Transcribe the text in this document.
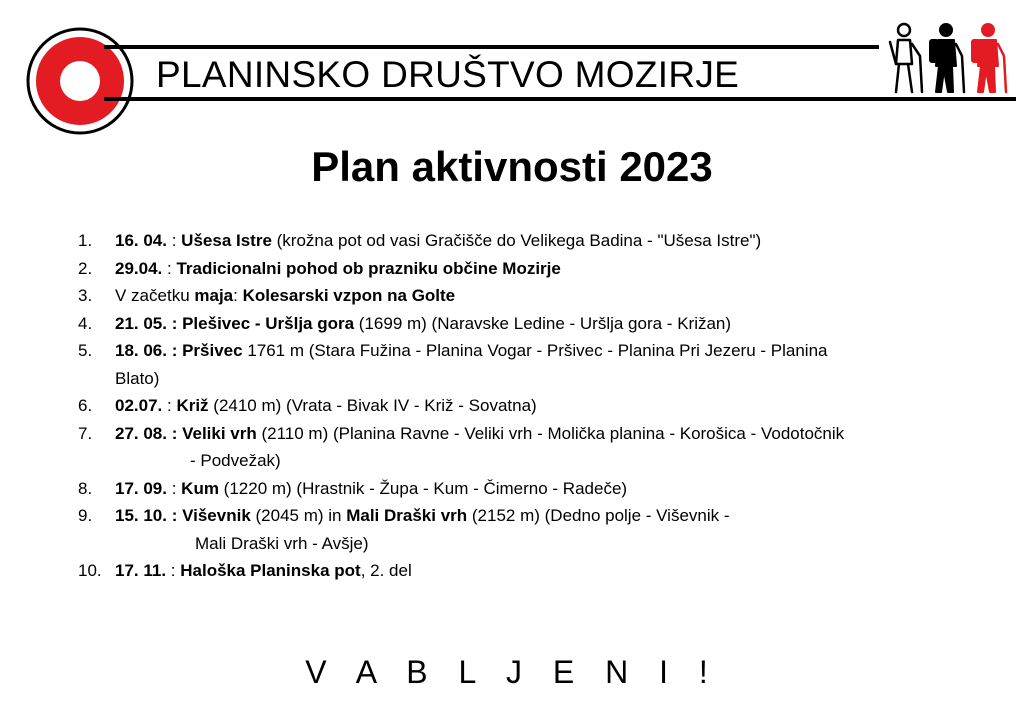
PLANINSKO DRUŠTVO MOZIRJE
Plan aktivnosti 2023
1. 16. 04. : Ušesa Istre (krožna pot od vasi Gračišče do Velikega Badina - "Ušesa Istre")
2. 29.04. : Tradicionalni pohod ob prazniku občine Mozirje
3. V začetku maja: Kolesarski vzpon na Golte
4. 21. 05. : Plešivec - Uršlja gora (1699 m) (Naravske Ledine - Uršlja gora - Križan)
5. 18. 06. : Pršivec 1761 m (Stara Fužina - Planina Vogar - Pršivec - Planina Pri Jezeru - Planina
Blato)
6. 02.07. : Križ (2410 m) (Vrata - Bivak IV - Križ - Sovatna)
7. 27. 08. : Veliki vrh (2110 m) (Planina Ravne - Veliki vrh - Molička planina - Korošica - Vodotočnik
- Podvežak)
8. 17. 09. : Kum (1220 m) (Hrastnik - Župa - Kum - Čimerno - Radeče)
9. 15. 10. : Viševnik (2045 m) in Mali Draški vrh (2152 m) (Dedno polje - Viševnik -
Mali Draški vrh - Avšje)
10. 17. 11. : Haloška Planinska pot, 2. del
V A B L J E N I !
